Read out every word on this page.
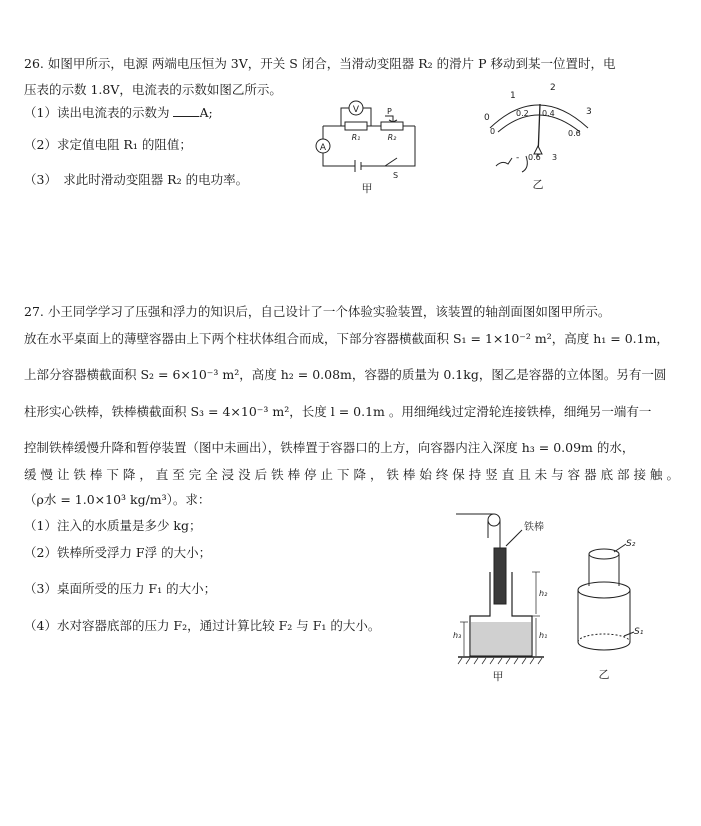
26. 如图甲所示，电源 两端电压恒为 3V，开关 S 闭合，当滑动变阻器 R₂ 的滑片 P 移动到某一位置时，电

压表的示数 1.8V，电流表的示数如图乙所示。

（1）读出电流表的示数为 A;

（2）求定值电阻 R₁ 的阻值；

（3）　求此时滑动变阻器 R₂ 的电功率。

V
A
R₁	R₂
P
S
甲
0
1
2
3
0
0.2 0.4
0.6
- 0.6 3
乙

27. 小王同学学习了压强和浮力的知识后，自己设计了一个体验实验装置，该装置的轴剖面图如图甲所示。

放在水平桌面上的薄壁容器由上下两个柱状体组合而成，下部分容器横截面积 S₁ = 1×10⁻² m²，高度 h₁ = 0.1m，

上部分容器横截面积 S₂ = 6×10⁻³ m²，高度 h₂ = 0.08m，容器的质量为 0.1kg，图乙是容器的立体图。另有一圆

柱形实心铁棒，铁棒横截面积 S₃ = 4×10⁻³ m²，长度 l = 0.1m 。用细绳线过定滑轮连接铁棒，细绳另一端有一

控制铁棒缓慢升降和暂停装置（图中未画出），铁棒置于容器口的上方，向容器内注入深度 h₃ = 0.09m 的水，

缓 慢 让 铁 棒 下 降 ， 直 至 完 全 浸 没 后 铁 棒 停 止 下 降 ， 铁 棒 始 终 保 持 竖 直 且 未 与 容 器 底 部 接 触 。

（ρ水 = 1.0×10³ kg/m³）。求：

（1）注入的水质量是多少 kg；

（2）铁棒所受浮力 F浮 的大小；

（3）桌面所受的压力 F₁ 的大小；

（4）水对容器底部的压力 F₂，通过计算比较 F₂ 与 F₁ 的大小。

铁棒
h₂
h₁
h₃
甲
S₂
S₁
乙
